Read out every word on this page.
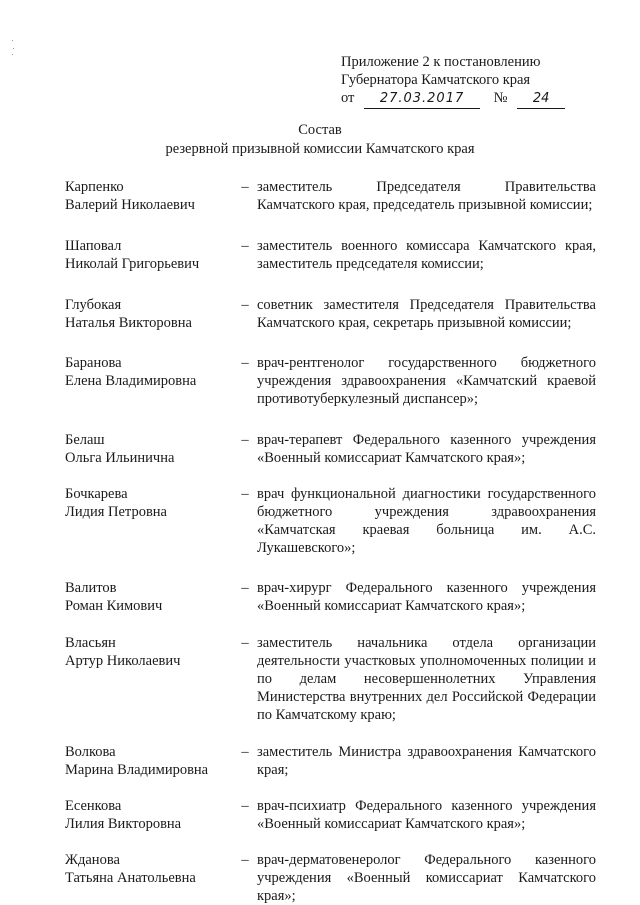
Приложение 2 к постановлению
Губернатора Камчатского края
от 27.03.2017 № 24
Состав
резервной призывной комиссии Камчатского края
Карпенко
Валерий Николаевич
– заместитель Председателя Правительства Камчатского края, председатель призывной комиссии;
Шаповал
Николай Григорьевич
– заместитель военного комиссара Камчатского края, заместитель председателя комиссии;
Глубокая
Наталья Викторовна
– советник заместителя Председателя Правительства Камчатского края, секретарь призывной комиссии;
Баранова
Елена Владимировна
– врач-рентгенолог государственного бюджетного учреждения здравоохранения «Камчатский краевой противотуберкулезный диспансер»;
Белаш
Ольга Ильинична
– врач-терапевт Федерального казенного учреждения «Военный комиссариат Камчатского края»;
Бочкарева
Лидия Петровна
– врач функциональной диагностики государственного бюджетного учреждения здравоохранения «Камчатская краевая больница им. А.С. Лукашевского»;
Валитов
Роман Кимович
– врач-хирург Федерального казенного учреждения «Военный комиссариат Камчатского края»;
Власьян
Артур Николаевич
– заместитель начальника отдела организации деятельности участковых уполномоченных полиции и по делам несовершеннолетних Управления Министерства внутренних дел Российской Федерации по Камчатскому краю;
Волкова
Марина Владимировна
– заместитель Министра здравоохранения Камчатского края;
Есенкова
Лилия Викторовна
– врач-психиатр Федерального казенного учреждения «Военный комиссариат Камчатского края»;
Жданова
Татьяна Анатольевна
– врач-дерматовенеролог Федерального казенного учреждения «Военный комиссариат Камчатского края»;
